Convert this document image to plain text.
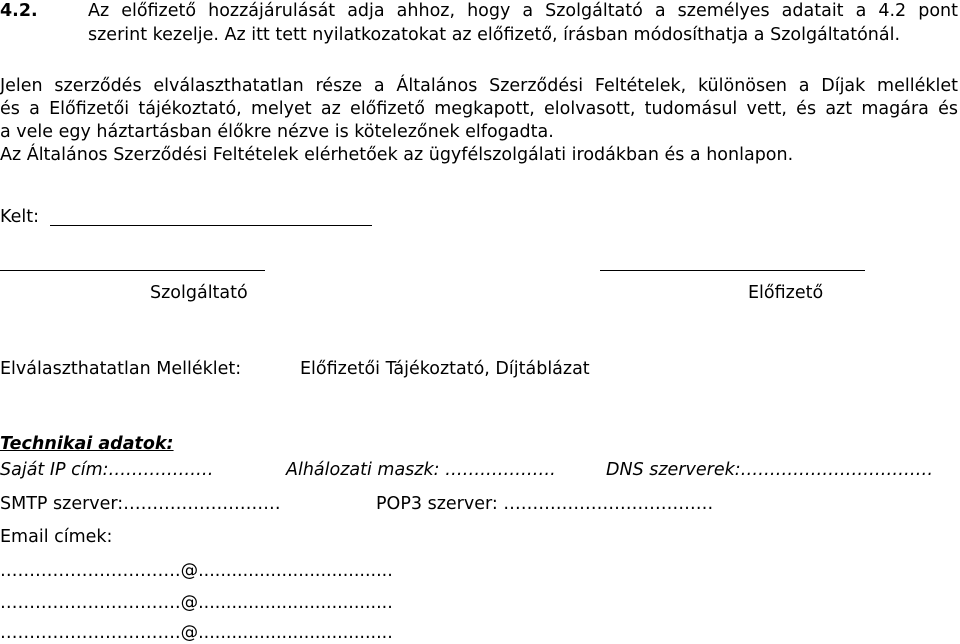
4.2.	Az előfizető hozzájárulását adja ahhoz, hogy a Szolgáltató a személyes adatait a 4.2 pont
szerint kezelje. Az itt tett nyilatkozatokat az előfizető, írásban módosíthatja a Szolgáltatónál.
Jelen szerződés elválaszthatatlan része a Általános Szerződési Feltételek, különösen a Díjak melléklet
és a Előfizetői tájékoztató, melyet az előfizető megkapott, elolvasott, tudomásul vett, és azt magára és
a vele egy háztartásban élőkre nézve is kötelezőnek elfogadta.
Az Általános Szerződési Feltételek elérhetőek az ügyfélszolgálati irodákban és a honlapon.
Kelt:
Szolgáltató	Előfizető
Elválaszthatatlan Melléklet:	Előfizetői Tájékoztató, Díjtáblázat
Technikai adatok:
Saját IP cím:………………	Alhálozati maszk: ……………….	DNS szerverek:……………………………
SMTP szerver:………………………	POP3 szerver: ………………………………
Email címek:
………………………….@...................................
………………………….@...................................
………………………….@...................................
